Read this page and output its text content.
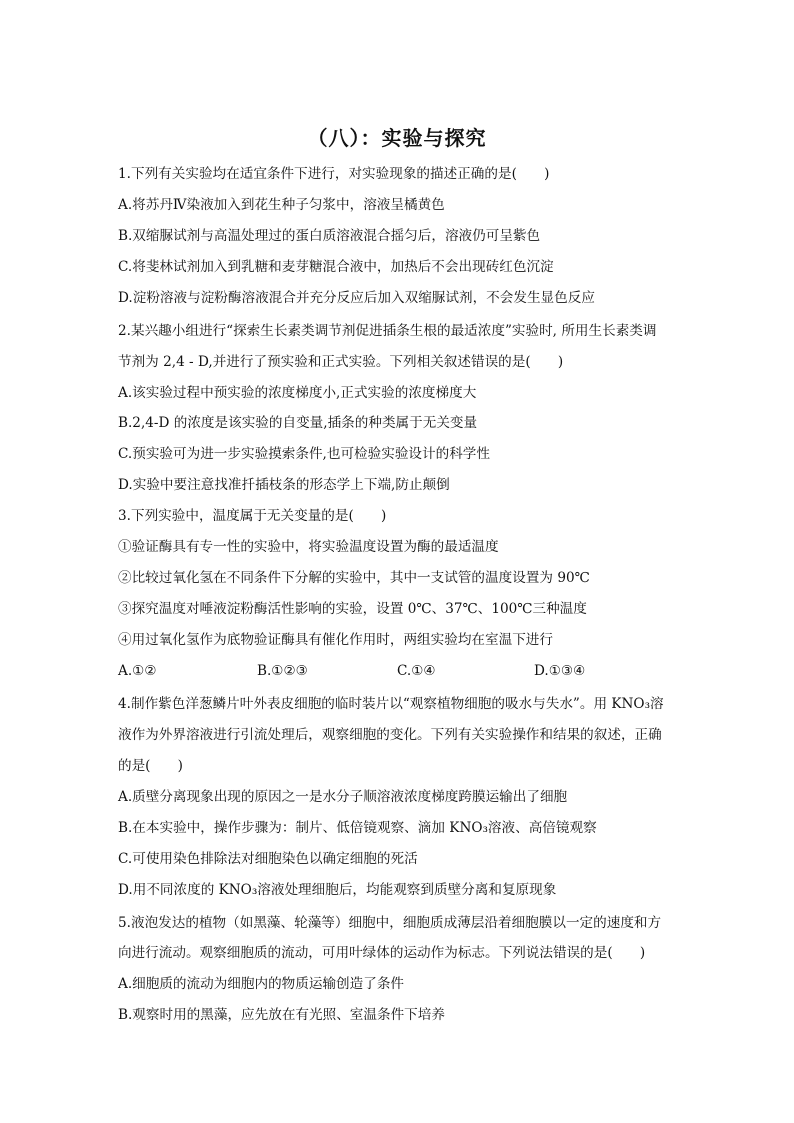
（八）：实验与探究
1.下列有关实验均在适宜条件下进行，对实验现象的描述正确的是(　　)
A.将苏丹Ⅳ染液加入到花生种子匀浆中，溶液呈橘黄色
B.双缩脲试剂与高温处理过的蛋白质溶液混合摇匀后，溶液仍可呈紫色
C.将斐林试剂加入到乳糖和麦芽糖混合液中，加热后不会出现砖红色沉淀
D.淀粉溶液与淀粉酶溶液混合并充分反应后加入双缩脲试剂，不会发生显色反应
2.某兴趣小组进行“探索生长素类调节剂促进插条生根的最适浓度”实验时, 所用生长素类调
节剂为 2,4 - D,并进行了预实验和正式实验。下列相关叙述错误的是(　　)
A.该实验过程中预实验的浓度梯度小,正式实验的浓度梯度大
B.2,4-D 的浓度是该实验的自变量,插条的种类属于无关变量
C.预实验可为进一步实验摸索条件,也可检验实验设计的科学性
D.实验中要注意找准扦插枝条的形态学上下端,防止颠倒
3.下列实验中，温度属于无关变量的是(　　)
①验证酶具有专一性的实验中，将实验温度设置为酶的最适温度
②比较过氧化氢在不同条件下分解的实验中，其中一支试管的温度设置为 90℃
③探究温度对唾液淀粉酶活性影响的实验，设置 0℃、37℃、100℃三种温度
④用过氧化氢作为底物验证酶具有催化作用时，两组实验均在室温下进行
A.①②	B.①②③	C.①④	D.①③④
4.制作紫色洋葱鳞片叶外表皮细胞的临时装片以“观察植物细胞的吸水与失水”。用 KNO₃溶
液作为外界溶液进行引流处理后，观察细胞的变化。下列有关实验操作和结果的叙述，正确
的是(　　)
A.质壁分离现象出现的原因之一是水分子顺溶液浓度梯度跨膜运输出了细胞
B.在本实验中，操作步骤为：制片、低倍镜观察、滴加 KNO₃溶液、高倍镜观察
C.可使用染色排除法对细胞染色以确定细胞的死活
D.用不同浓度的 KNO₃溶液处理细胞后，均能观察到质壁分离和复原现象
5.液泡发达的植物（如黑藻、轮藻等）细胞中，细胞质成薄层沿着细胞膜以一定的速度和方
向进行流动。观察细胞质的流动，可用叶绿体的运动作为标志。下列说法错误的是(　　)
A.细胞质的流动为细胞内的物质运输创造了条件
B.观察时用的黑藻，应先放在有光照、室温条件下培养
